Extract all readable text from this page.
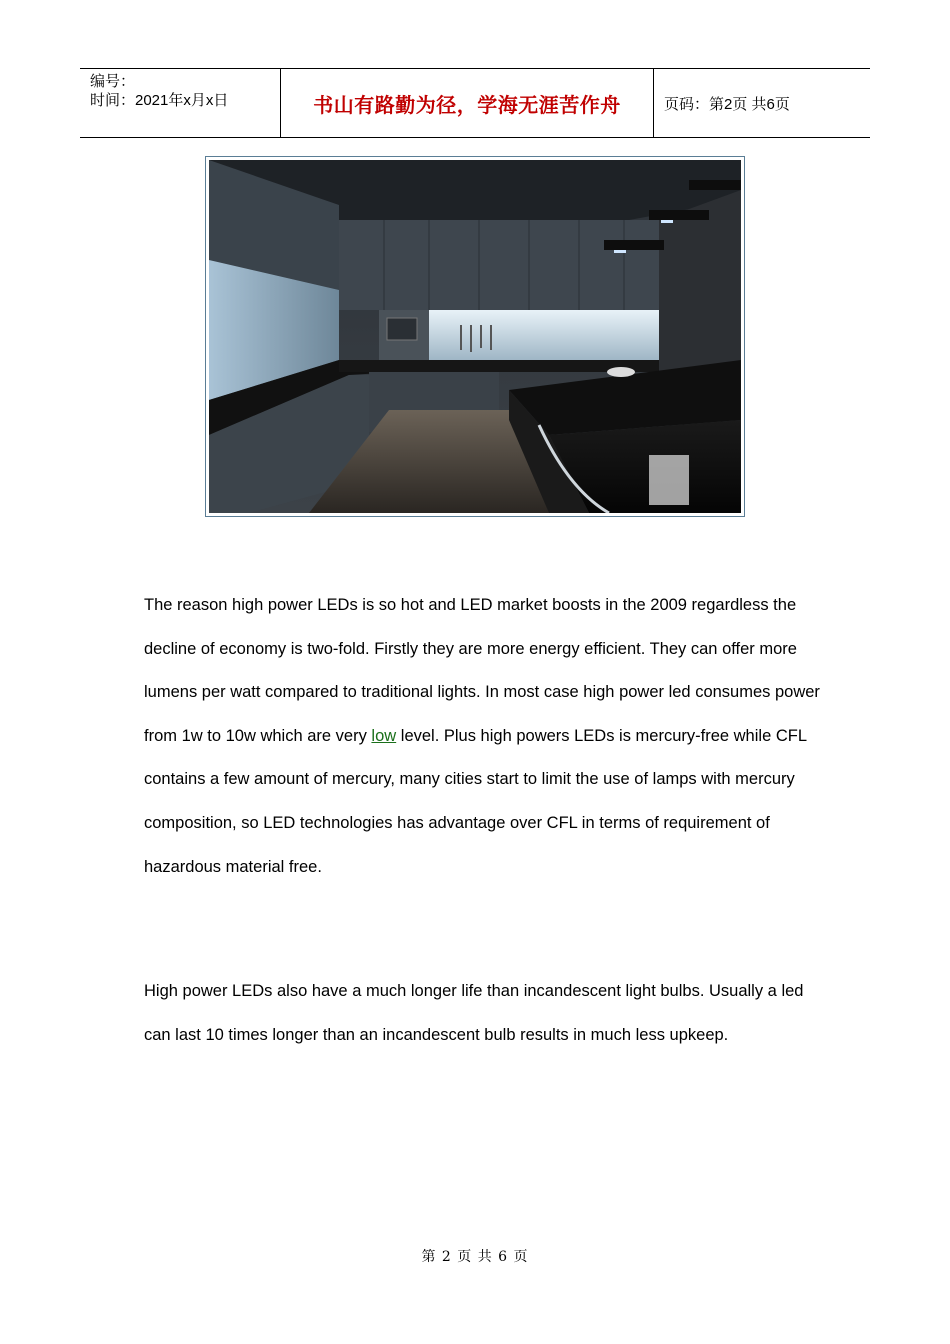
编号：
时间：2021年x月x日	书山有路勤为径，学海无涯苦作舟	页码：第2页 共6页

The reason high power LEDs is so hot and LED market boosts in the 2009 regardless the decline of economy is two-fold. Firstly they are more energy efficient. They can offer more lumens per watt compared to traditional lights. In most case high power led consumes power from 1w to 10w which are very low level. Plus high powers LEDs is mercury-free while CFL contains a few amount of mercury, many cities start to limit the use of lamps with mercury composition, so LED technologies has advantage over CFL in terms of requirement of hazardous material free.

High power LEDs also have a much longer life than incandescent light bulbs. Usually a led can last 10 times longer than an incandescent bulb results in much less upkeep.

第 2 页 共 6 页
